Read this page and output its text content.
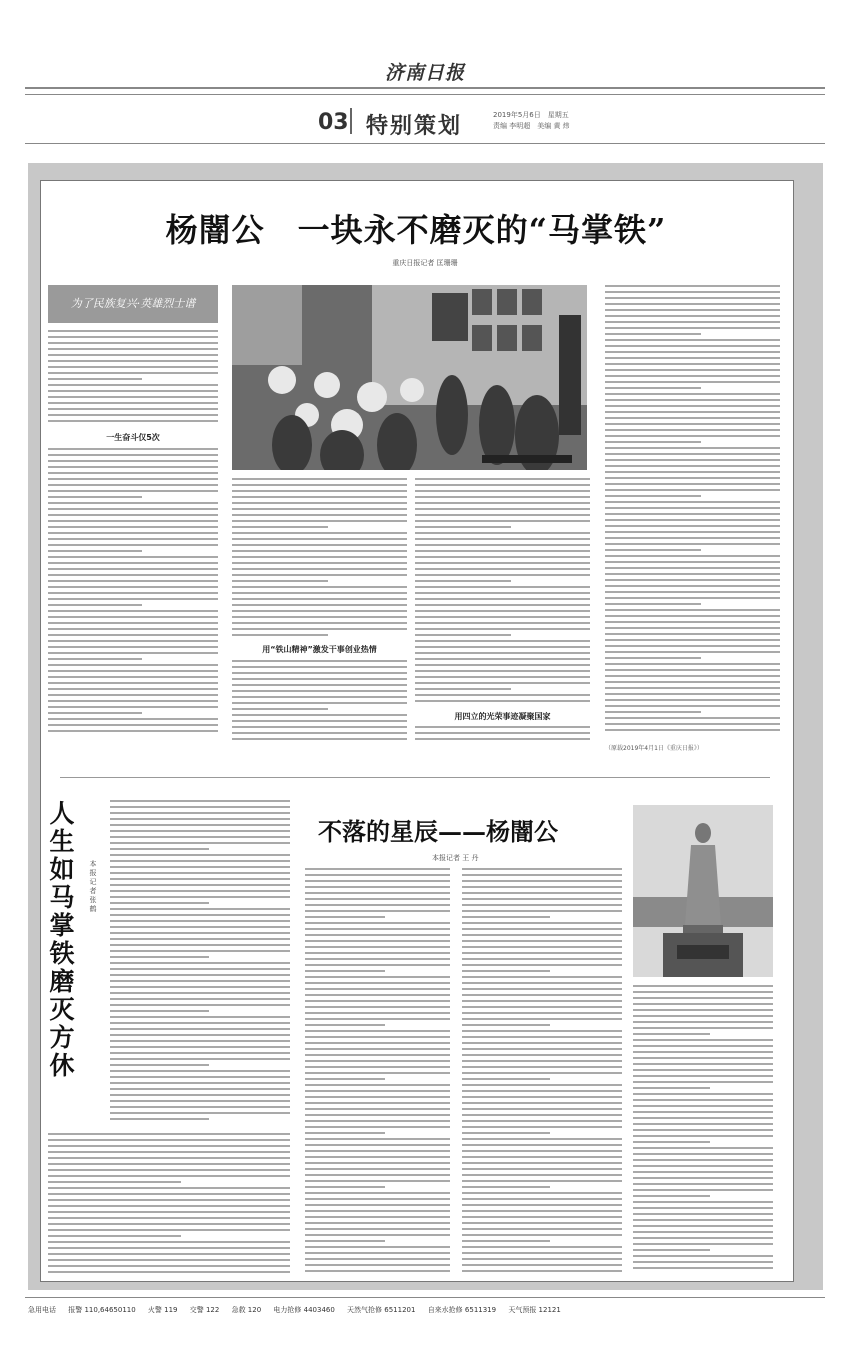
济南日报
03 特别策划	2019年5月6日　星期五
责编 李明超　美编 黄 炜
杨闇公　一块永不磨灭的“马掌铁”
重庆日报记者 匡珊珊
为了民族复兴·英雄烈士谱
一生奋斗仅5次
用“铁山精神”激发干事创业热情
用四立的光荣事迹凝聚国家
（原载2019年4月1日《重庆日报》）
人生如马掌铁磨灭方休
本报记者 张鹤
不落的星辰——杨闇公
本报记者 王 丹
急用电话 报警 110,64650110 火警 119 交警 122 急救 120 电力抢修 4403460 天然气抢修 6511201 自来水抢修 6511319 天气预报 12121
